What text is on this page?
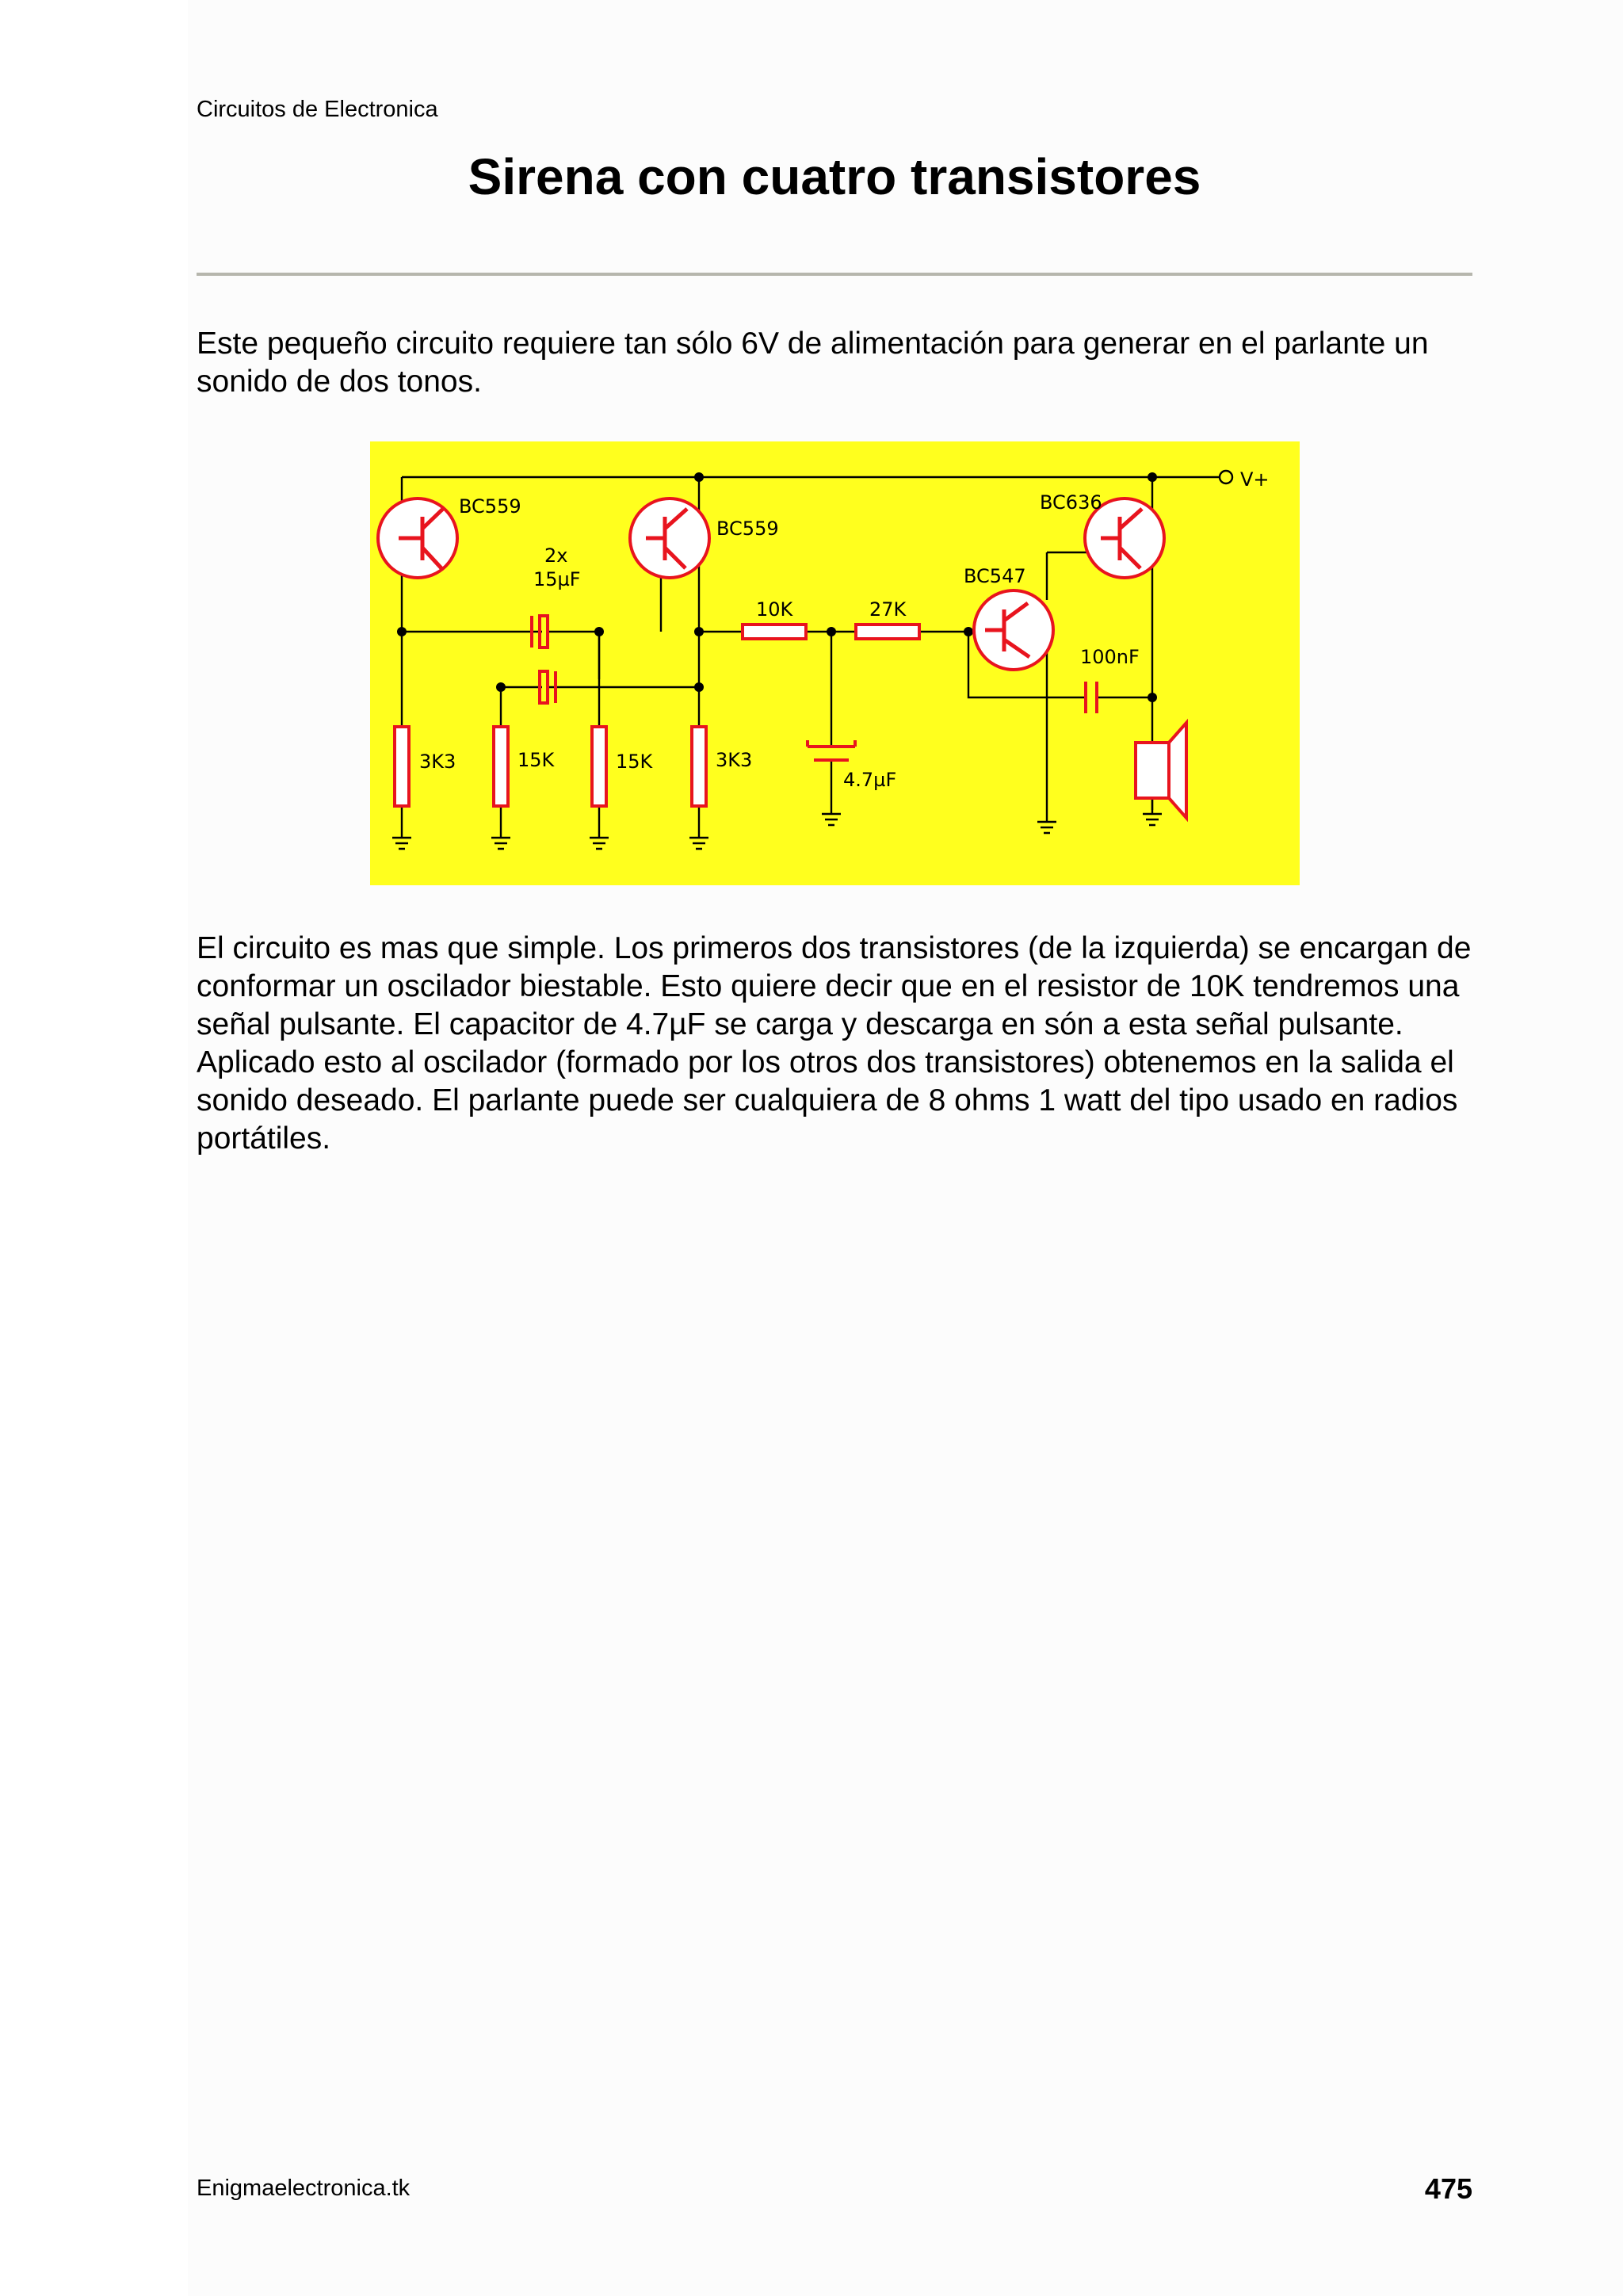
Circuitos de Electronica

Sirena con cuatro transistores

Este pequeño circuito requiere tan sólo 6V de alimentación para generar en el parlante un sonido de dos tonos.

V+
BC559
BC559
BC547
BC636
2x
15µF
10K	27K
3K3	15K	15K	3K3
4.7µF
100nF

El circuito es mas que simple. Los primeros dos transistores (de la izquierda) se encargan de conformar un oscilador biestable. Esto quiere decir que en el resistor de 10K tendremos una señal pulsante. El capacitor de 4.7µF se carga y descarga en són a esta señal pulsante. Aplicado esto al oscilador (formado por los otros dos transistores) obtenemos en la salida el sonido deseado. El parlante puede ser cualquiera de 8 ohms 1 watt del tipo usado en radios portátiles.

Enigmaelectronica.tk	475
